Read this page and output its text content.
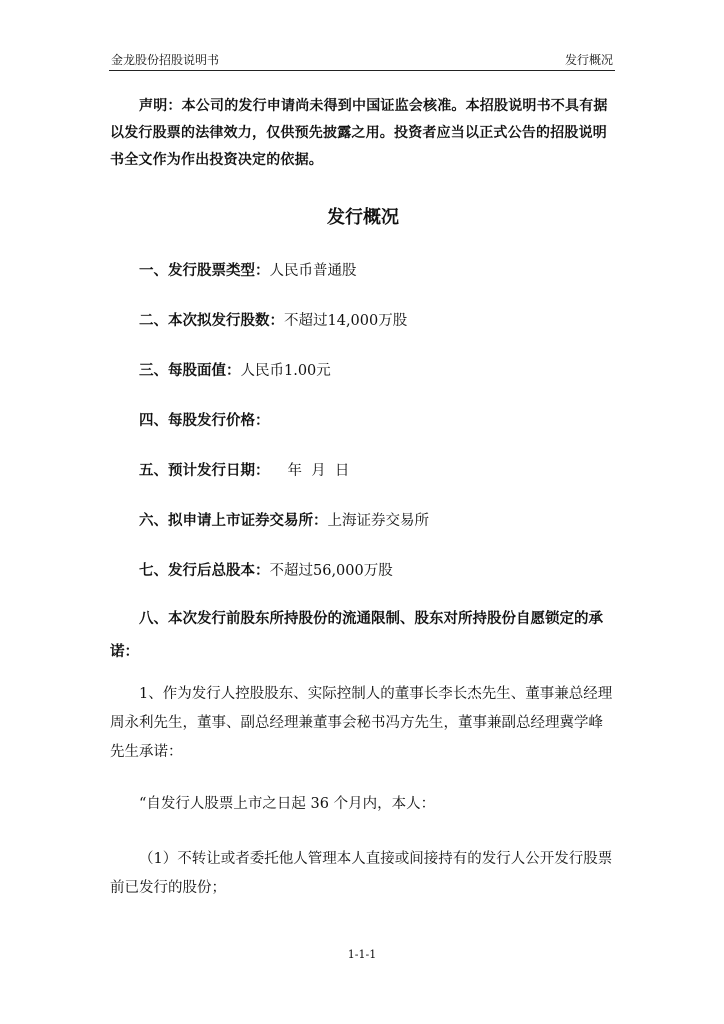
金龙股份招股说明书	发行概况

声明：本公司的发行申请尚未得到中国证监会核准。本招股说明书不具有据以发行股票的法律效力，仅供预先披露之用。投资者应当以正式公告的招股说明书全文作为作出投资决定的依据。

发行概况
一、发行股票类型：人民币普通股
二、本次拟发行股数：不超过14,000万股
三、每股面值：人民币1.00元
四、每股发行价格：
五、预计发行日期： 年  月  日
六、拟申请上市证券交易所：上海证券交易所
七、发行后总股本：不超过56,000万股

八、本次发行前股东所持股份的流通限制、股东对所持股份自愿锁定的承诺：

1、作为发行人控股股东、实际控制人的董事长李长杰先生、董事兼总经理周永利先生，董事、副总经理兼董事会秘书冯方先生，董事兼副总经理冀学峰先生承诺：

“自发行人股票上市之日起 36 个月内，本人：

（1）不转让或者委托他人管理本人直接或间接持有的发行人公开发行股票前已发行的股份；

1-1-1
